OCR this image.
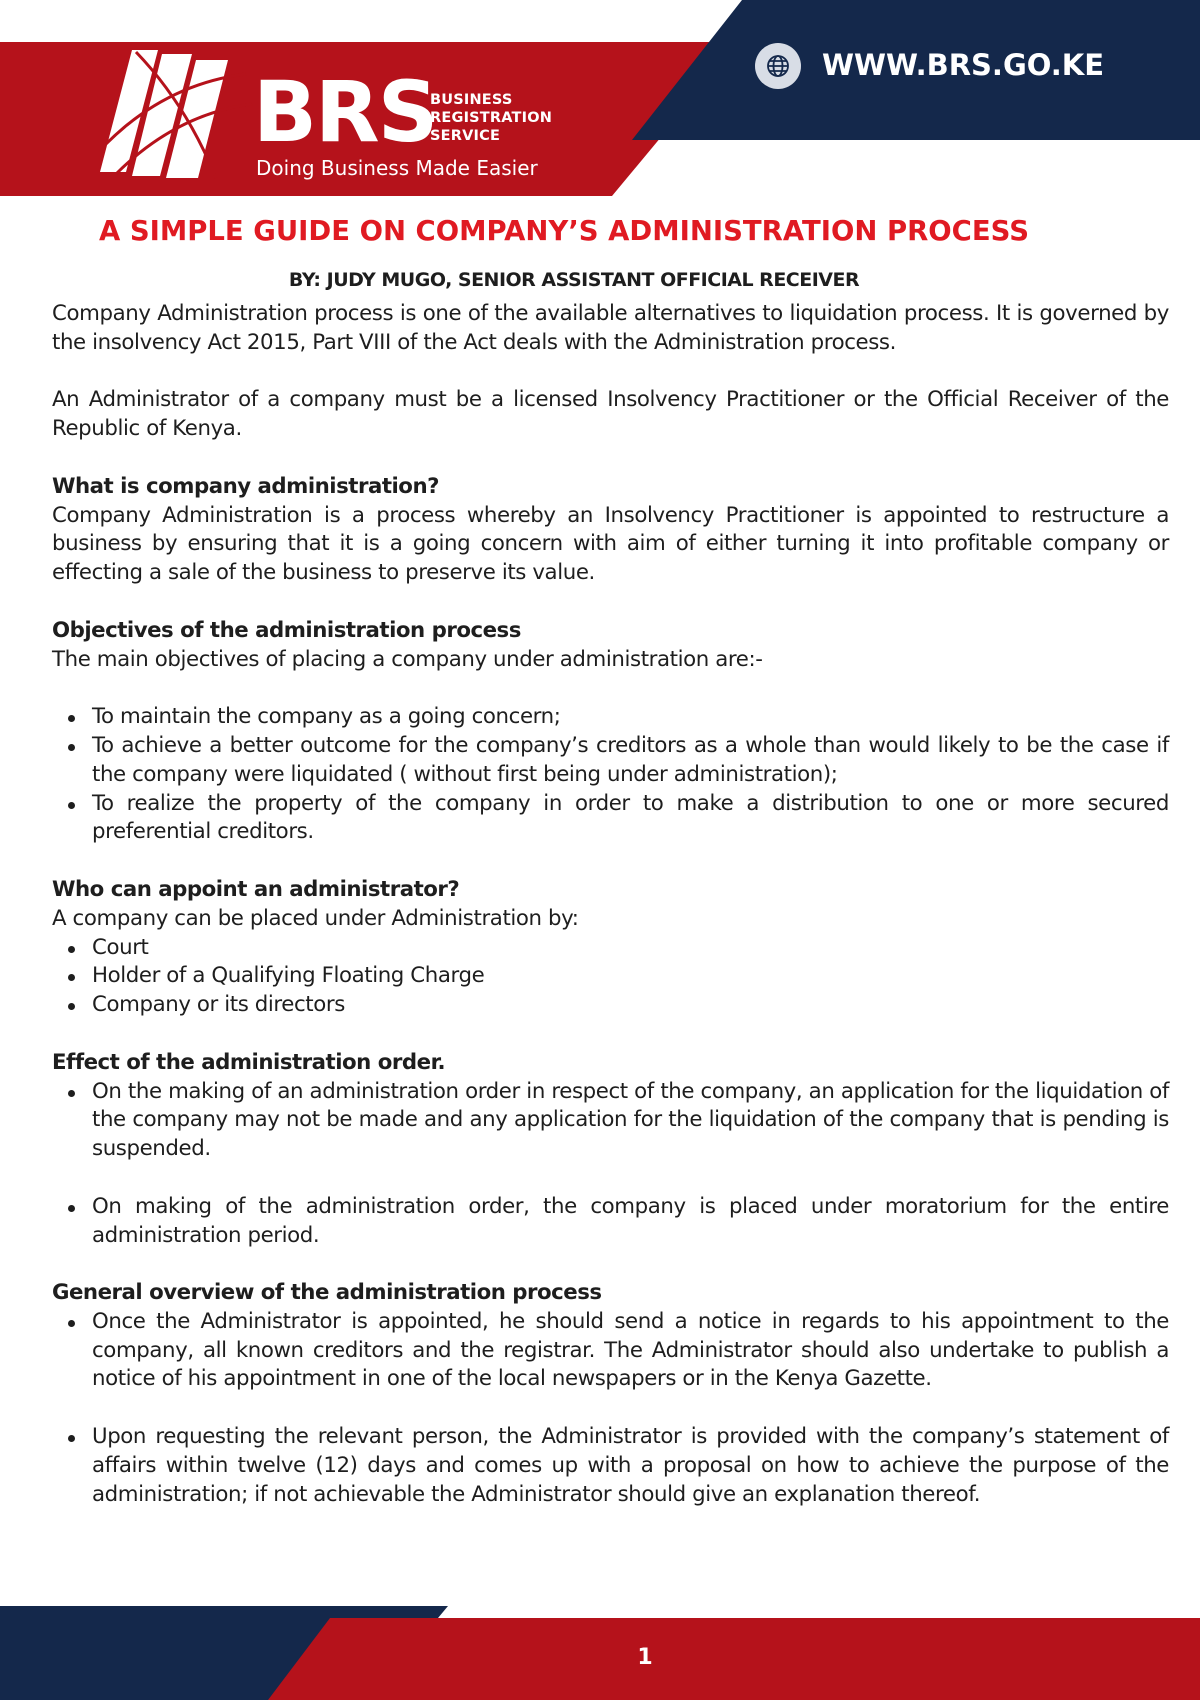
BRS
BUSINESS
REGISTRATION
SERVICE
Doing Business Made Easier
WWW.BRS.GO.KE
A SIMPLE GUIDE ON COMPANY’S ADMINISTRATION PROCESS
BY: JUDY MUGO, SENIOR ASSISTANT OFFICIAL RECEIVER

Company Administration process is one of the available alternatives to liquidation process. It is governed by the insolvency Act 2015, Part VIII of the Act deals with the Administration process.

An Administrator of a company must be a licensed Insolvency Practitioner or the Official Receiver of the Republic of Kenya.

What is company administration?

Company Administration is a process whereby an Insolvency Practitioner is appointed to restructure a business by ensuring that it is a going concern with aim of either turning it into profitable company or effecting a sale of the business to preserve its value.

Objectives of the administration process

The main objectives of placing a company under administration are:-

To maintain the company as a going concern;
To achieve a better outcome for the company’s creditors as a whole than would likely to be the case if the company were liquidated ( without first being under administration);
To realize the property of the company in order to make a distribution to one or more secured preferential creditors.
Who can appoint an administrator?

A company can be placed under Administration by:

Court
Holder of a Qualifying Floating Charge
Company or its directors
Effect of the administration order.
On the making of an administration order in respect of the company, an application for the liquidation of the company may not be made and any application for the liquidation of the company that is pending is suspended.
On making of the administration order, the company is placed under moratorium for the entire administration period.
General overview of the administration process
Once the Administrator is appointed, he should send a notice in regards to his appointment to the company, all known creditors and the registrar. The Administrator should also undertake to publish a notice of his appointment in one of the local newspapers or in the Kenya Gazette.
Upon requesting the relevant person, the Administrator is provided with the company’s statement of affairs within twelve (12) days and comes up with a proposal on how to achieve the purpose of the administration; if not achievable the Administrator should give an explanation thereof.
1
